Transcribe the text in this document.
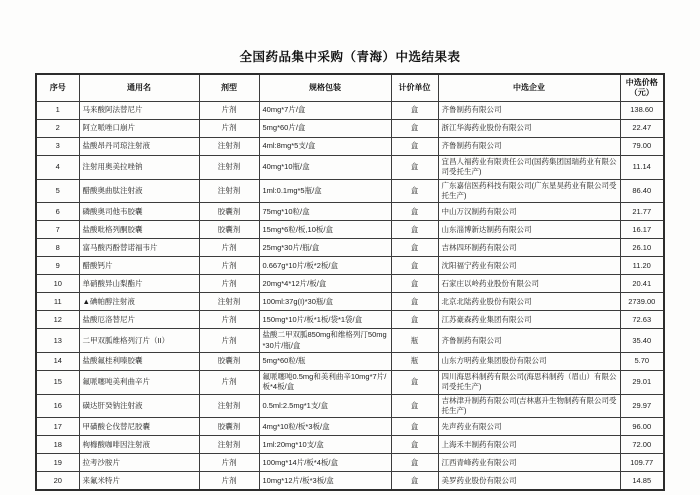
全国药品集中采购（青海）中选结果表
序号	通用名	剂型	规格包装	计价单位	中选企业	中选价格（元）
1	马来酸阿法替尼片	片剂	40mg*7片/盒	盒	齐鲁制药有限公司	138.60
2	阿立哌唑口崩片	片剂	5mg*60片/盒	盒	浙江华海药业股份有限公司	22.47
3	盐酸昂丹司琼注射液	注射剂	4ml:8mg*5支/盒	盒	齐鲁制药有限公司	79.00
4	注射用奥美拉唑钠	注射剂	40mg*10瓶/盒	盒	宜昌人福药业有限责任公司(国药集团国瑞药业有限公司受托生产)	11.14
5	醋酸奥曲肽注射液	注射剂	1ml:0.1mg*5瓶/盒	盒	广东嘉信医药科技有限公司(广东星昊药业有限公司受托生产)	86.40
6	磷酸奥司他韦胶囊	胶囊剂	75mg*10粒/盒	盒	中山万汉制药有限公司	21.77
7	盐酸吡格列酮胶囊	胶囊剂	15mg*6粒/板,10板/盒	盒	山东淄博新达制药有限公司	16.17
8	富马酸丙酚替诺福韦片	片剂	25mg*30片/瓶/盒	盒	吉林四环制药有限公司	26.10
9	醋酸钙片	片剂	0.667g*10片/板*2板/盒	盒	沈阳福宁药业有限公司	11.20
10	单硝酸异山梨酯片	片剂	20mg*4*12片/板/盒	盒	石家庄以岭药业股份有限公司	20.41
11	▲碘帕醇注射液	注射剂	100ml:37g(I)*30瓶/盒	盒	北京北陆药业股份有限公司	2739.00
12	盐酸厄洛替尼片	片剂	150mg*10片/板*1板/袋*1袋/盒	盒	江苏豪森药业集团有限公司	72.63
13	二甲双胍维格列汀片（II）	片剂	盐酸二甲双胍850mg和维格列汀50mg*30片/瓶/盒	瓶	齐鲁制药有限公司	35.40
14	盐酸氟桂利嗪胶囊	胶囊剂	5mg*60粒/瓶	瓶	山东方明药业集团股份有限公司	5.70
15	氟哌噻吨美利曲辛片	片剂	氟哌噻吨0.5mg和美利曲辛10mg*7片/板*4板/盒	盒	四川海思科制药有限公司(海思科制药（眉山）有限公司受托生产)	29.01
16	磺达肝癸钠注射液	注射剂	0.5ml:2.5mg*1支/盒	盒	吉林津升制药有限公司(吉林惠升生物制药有限公司受托生产)	29.97
17	甲磺酸仑伐替尼胶囊	胶囊剂	4mg*10粒/板*3板/盒	盒	先声药业有限公司	96.00
18	枸橼酸咖啡因注射液	注射剂	1ml:20mg*10支/盒	盒	上海禾丰制药有限公司	72.00
19	拉考沙胺片	片剂	100mg*14片/板*4板/盒	盒	江西青峰药业有限公司	109.77
20	来氟米特片	片剂	10mg*12片/板*3板/盒	盒	美罗药业股份有限公司	14.85
